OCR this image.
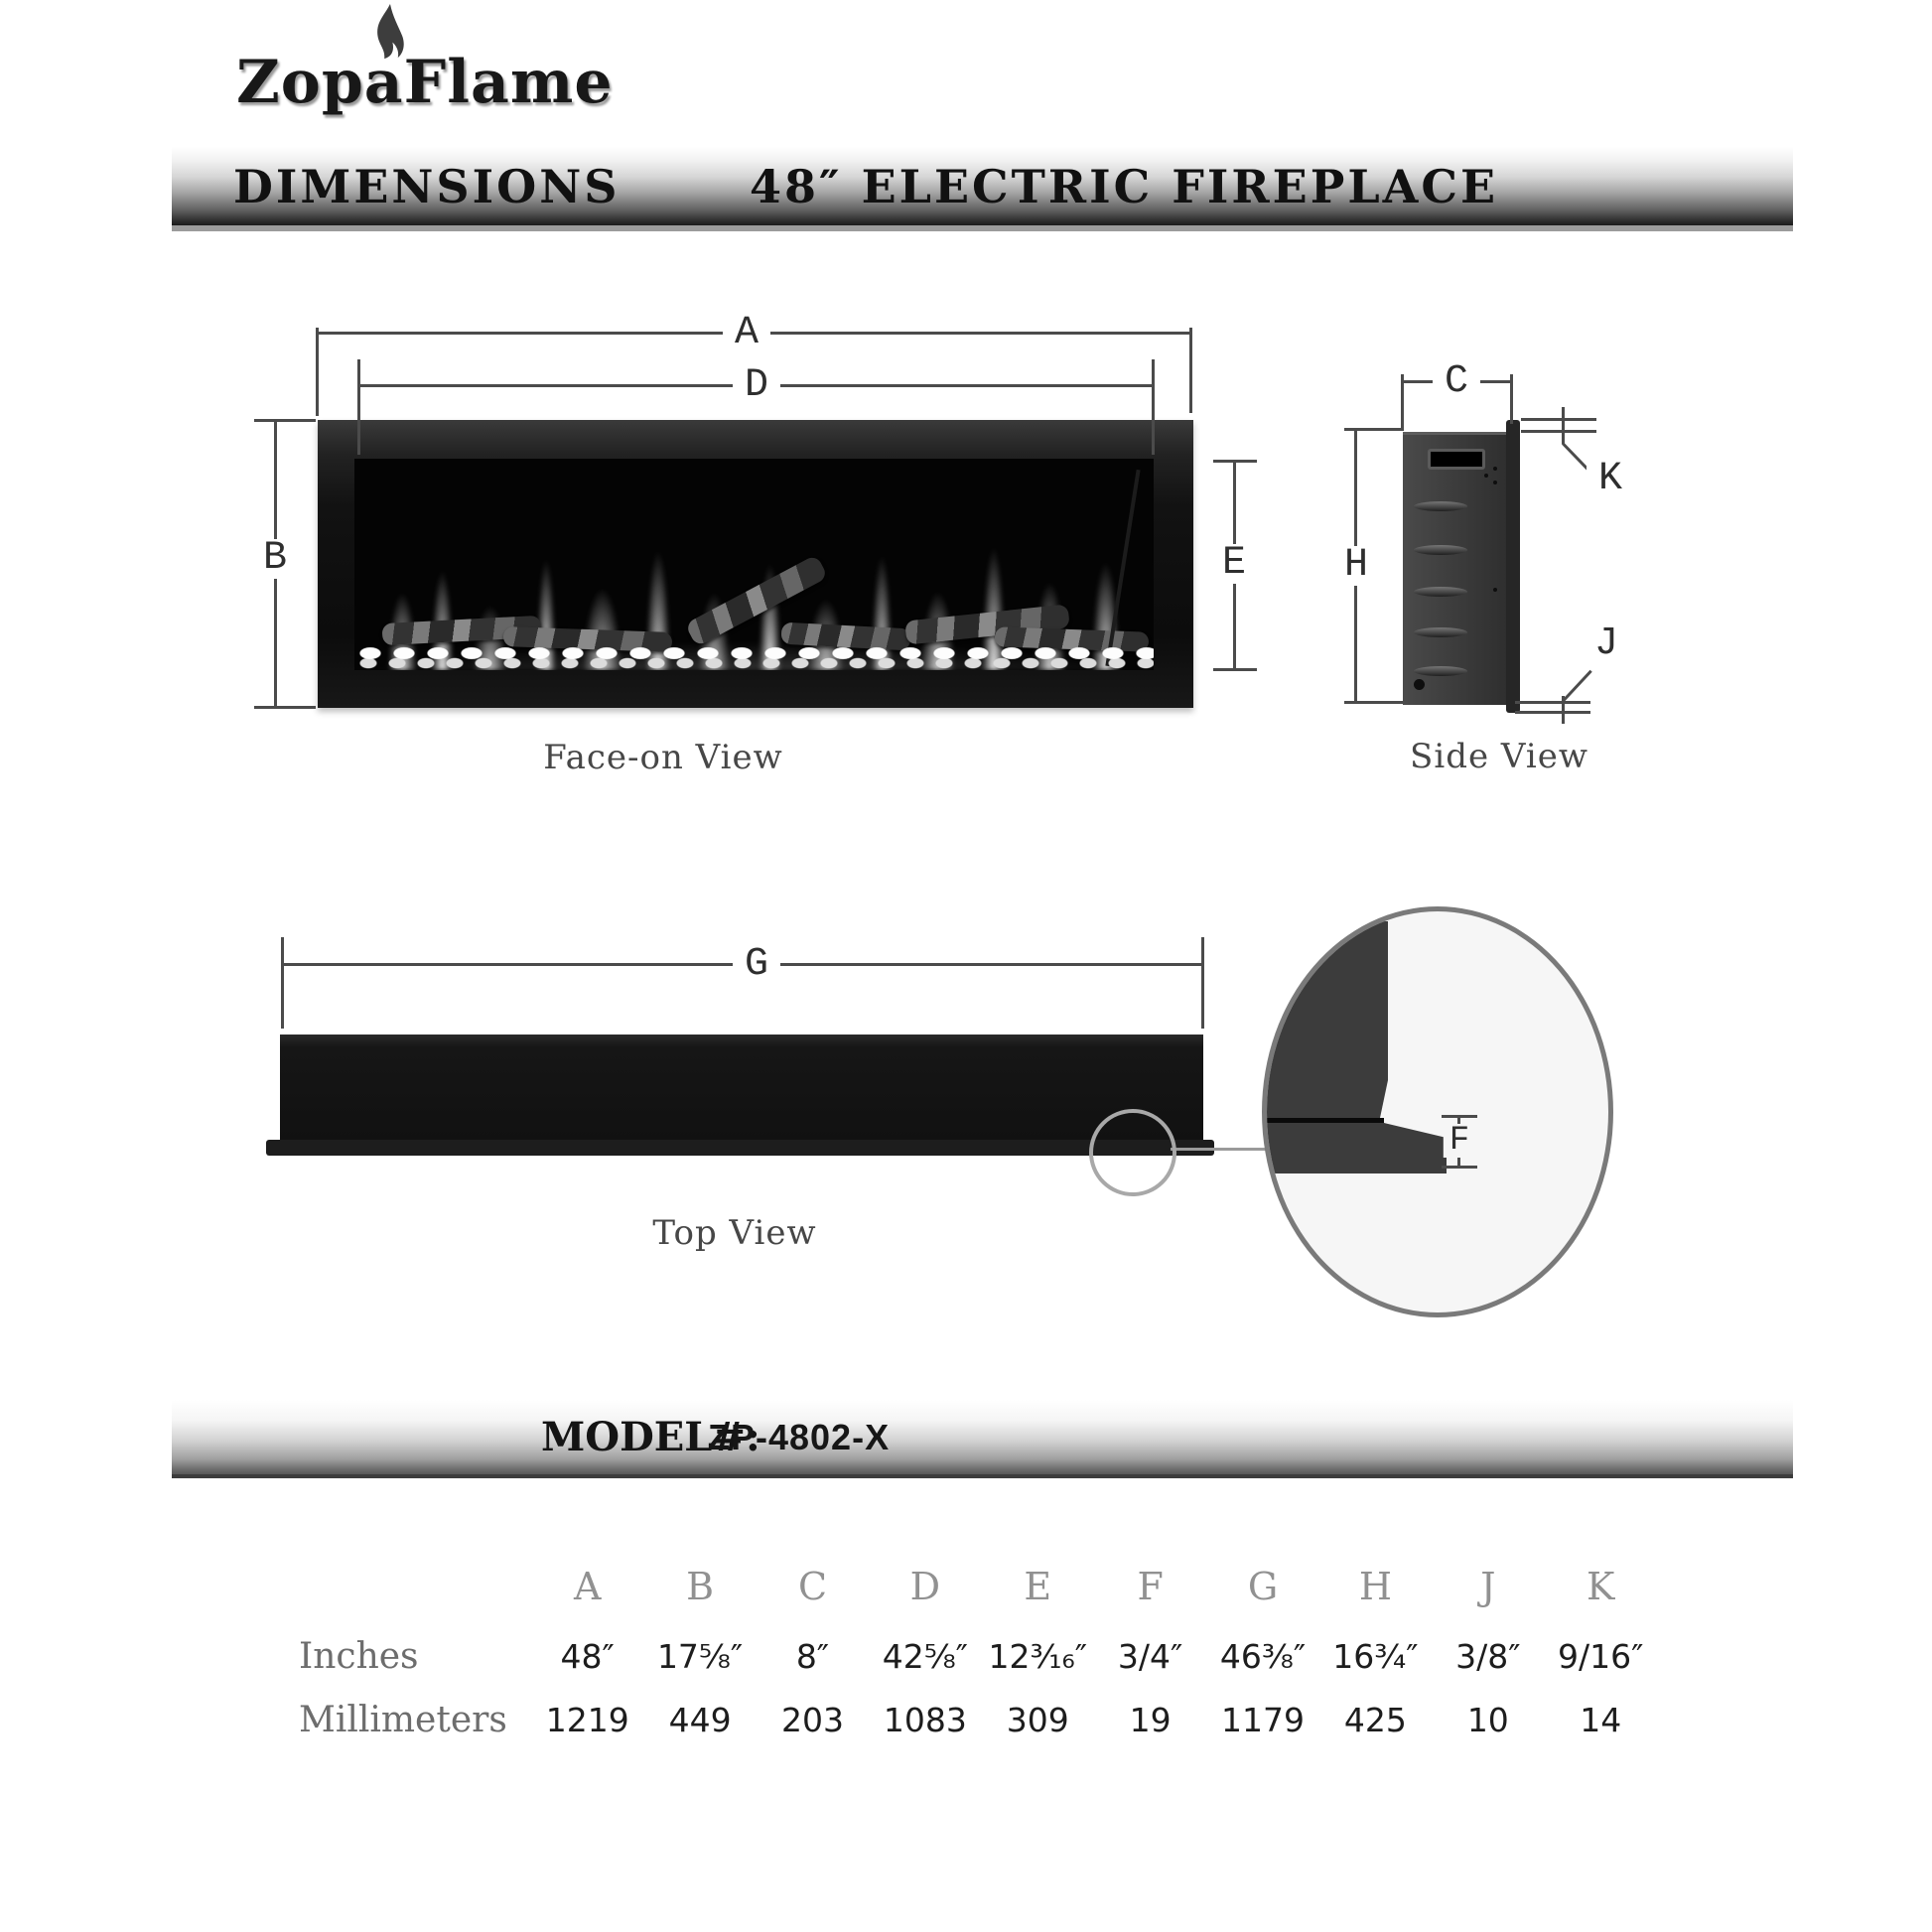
ZopaFlame
DIMENSIONS	48″ ELECTRIC FIREPLACE
A
D
B	E
Face-on View
C
H
K
J
Side View
G
F
Top View
MODEL#:
ZP-4802-X
A	B	C	D	E	F	G	H	J	K
Inches	48″	17⁵⁄₈″	8″	42⁵⁄₈″ 12³⁄₁₆″ 3/4″	46³⁄₈″ 16³⁄₄″	3/8″	9/16″
Millimeters	1219	449	203	1083	309	19	1179	425	10	14
